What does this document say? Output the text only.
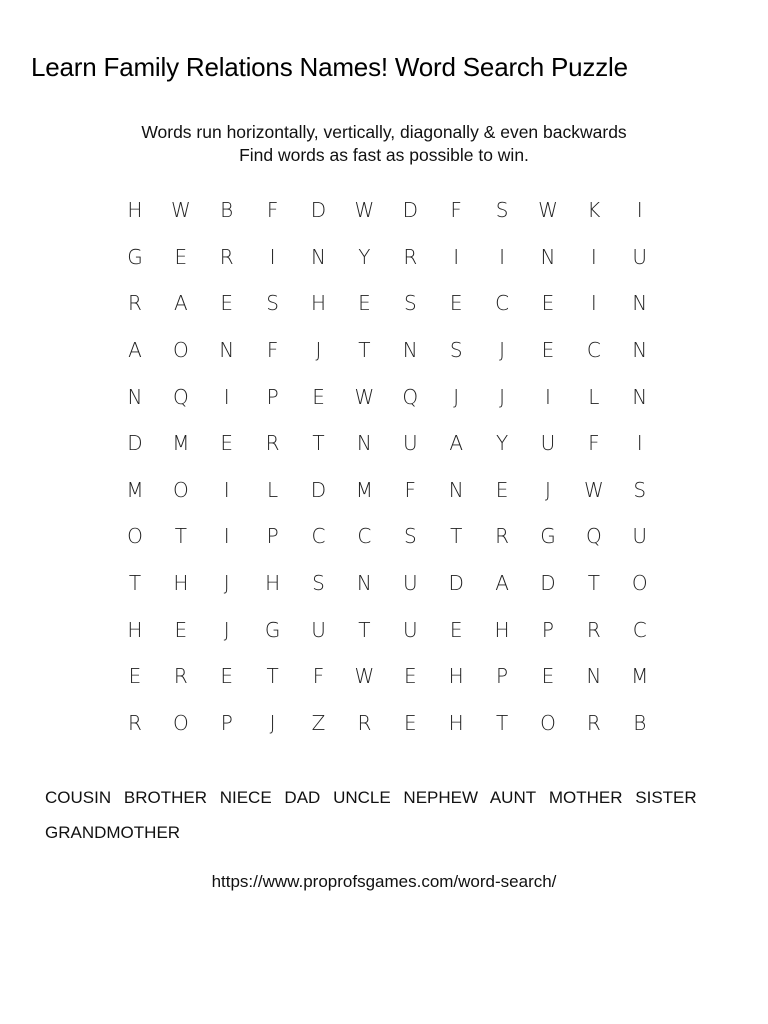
Learn Family Relations Names! Word Search Puzzle
Words run horizontally, vertically, diagonally & even backwards
Find words as fast as possible to win.
H	W	B	F	D	W	D	F	S	W	K	I
G	E	R	I	N	Y	R	I	I	N	I	U
R	A	E	S	H	E	S	E	C	E	I	N
A	O	N	F	J	T	N	S	J	E	C	N
N	Q	I	P	E	W	Q	J	J	I	L	N
D	M	E	R	T	N	U	A	Y	U	F	I
M	O	I	L	D	M	F	N	E	J	W	S
O	T	I	P	C	C	S	T	R	G	Q	U
T	H	J	H	S	N	U	D	A	D	T	O
H	E	J	G	U	T	U	E	H	P	R	C
E	R	E	T	F	W	E	H	P	E	N	M
R	O	P	J	Z	R	E	H	T	O	R	B
COUSIN BROTHER NIECE DAD UNCLE NEPHEW AUNT MOTHER SISTER GRANDMOTHER
https://www.proprofsgames.com/word-search/
